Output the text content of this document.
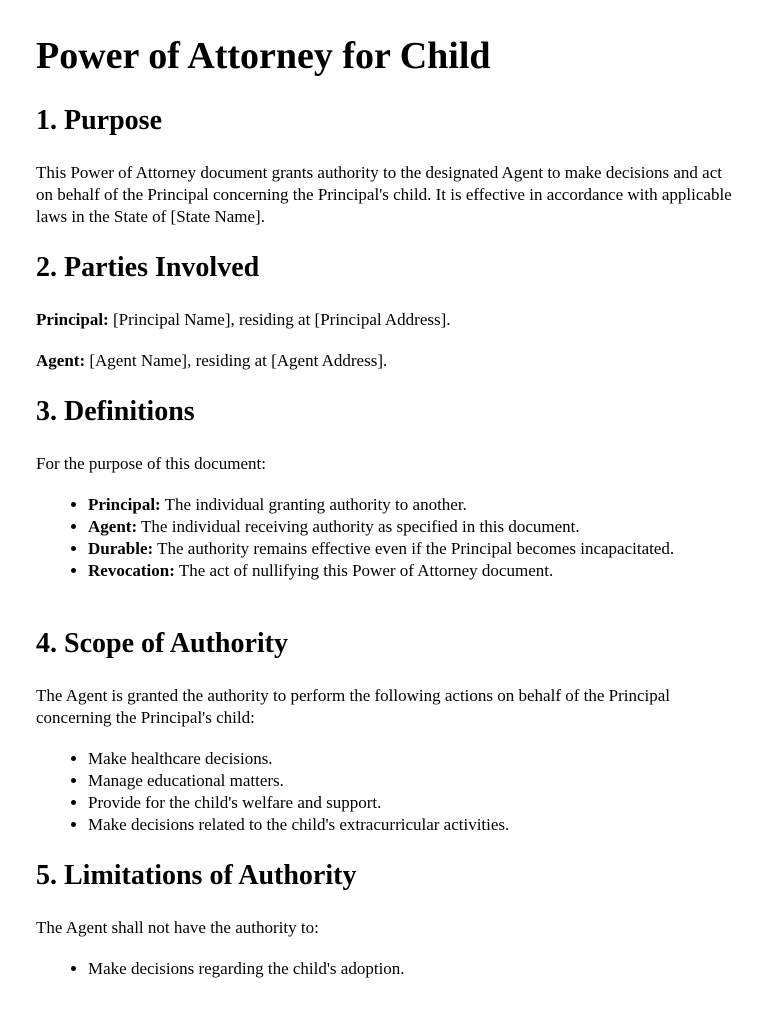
Power of Attorney for Child
1. Purpose

This Power of Attorney document grants authority to the designated Agent to make decisions and act on behalf of the Principal concerning the Principal's child. It is effective in accordance with applicable laws in the State of [State Name].

2. Parties Involved

Principal: [Principal Name], residing at [Principal Address].

Agent: [Agent Name], residing at [Agent Address].

3. Definitions

For the purpose of this document:

• Principal: The individual granting authority to another.
• Agent: The individual receiving authority as specified in this document.
• Durable: The authority remains effective even if the Principal becomes incapacitated.
• Revocation: The act of nullifying this Power of Attorney document.
4. Scope of Authority

The Agent is granted the authority to perform the following actions on behalf of the Principal concerning the Principal's child:

• Make healthcare decisions.
• Manage educational matters.
• Provide for the child's welfare and support.
• Make decisions related to the child's extracurricular activities.
5. Limitations of Authority

The Agent shall not have the authority to:

• Make decisions regarding the child's adoption.
